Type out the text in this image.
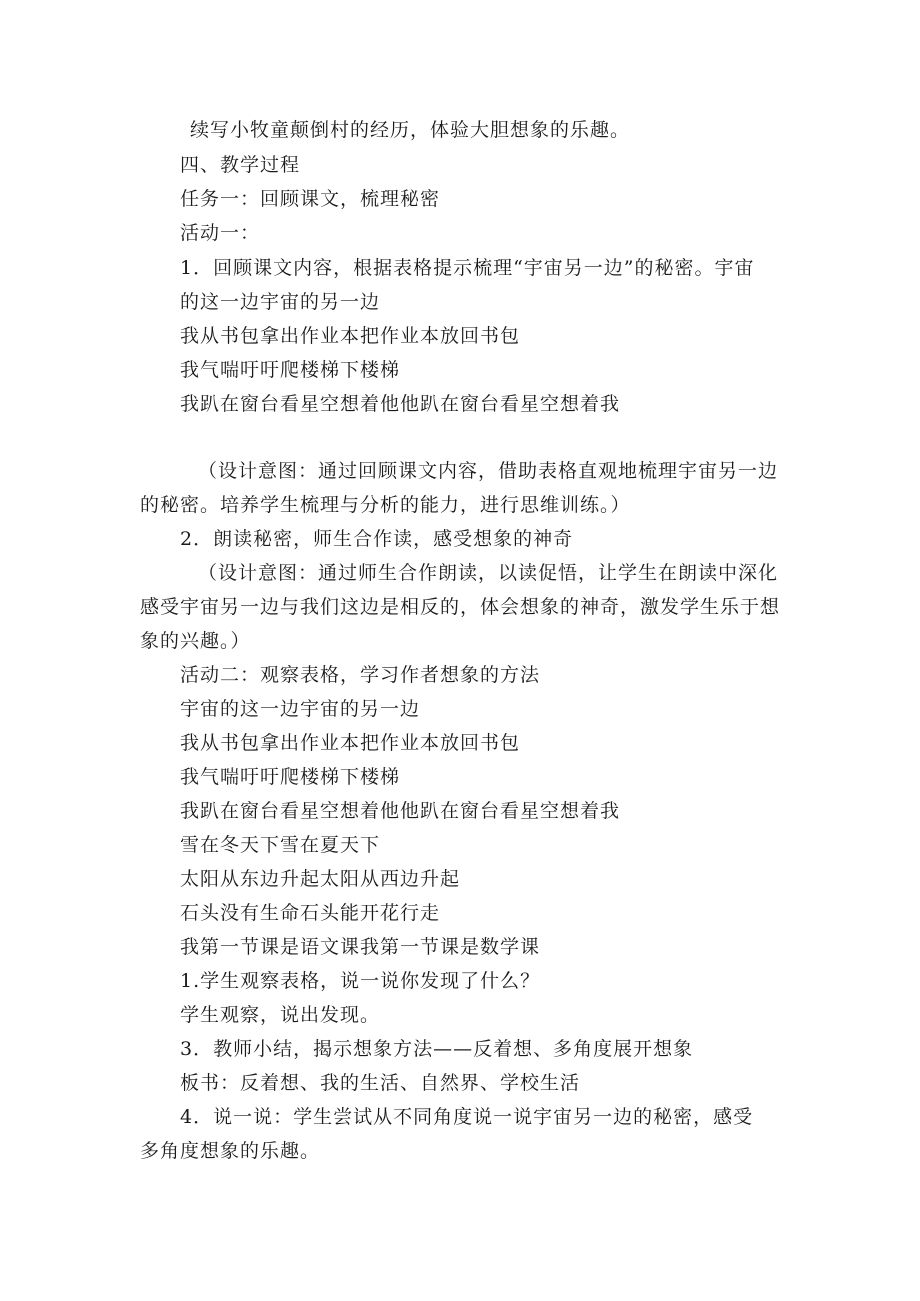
续写小牧童颠倒村的经历，体验大胆想象的乐趣。
四、教学过程
任务一：回顾课文，梳理秘密
活动一：
1．回顾课文内容，根据表格提示梳理“宇宙另一边”的秘密。宇宙
的这一边宇宙的另一边
我从书包拿出作业本把作业本放回书包
我气喘吁吁爬楼梯下楼梯
我趴在窗台看星空想着他他趴在窗台看星空想着我
（设计意图：通过回顾课文内容，借助表格直观地梳理宇宙另一边
的秘密。培养学生梳理与分析的能力，进行思维训练。）
2．朗读秘密，师生合作读，感受想象的神奇
（设计意图：通过师生合作朗读，以读促悟，让学生在朗读中深化
感受宇宙另一边与我们这边是相反的，体会想象的神奇，激发学生乐于想
象的兴趣。）
活动二：观察表格，学习作者想象的方法
宇宙的这一边宇宙的另一边
我从书包拿出作业本把作业本放回书包
我气喘吁吁爬楼梯下楼梯
我趴在窗台看星空想着他他趴在窗台看星空想着我
雪在冬天下雪在夏天下
太阳从东边升起太阳从西边升起
石头没有生命石头能开花行走
我第一节课是语文课我第一节课是数学课
1.学生观察表格，说一说你发现了什么？
学生观察，说出发现。
3．教师小结，揭示想象方法——反着想、多角度展开想象
板书：反着想、我的生活、自然界、学校生活
4．说一说：学生尝试从不同角度说一说宇宙另一边的秘密，感受
多角度想象的乐趣。
